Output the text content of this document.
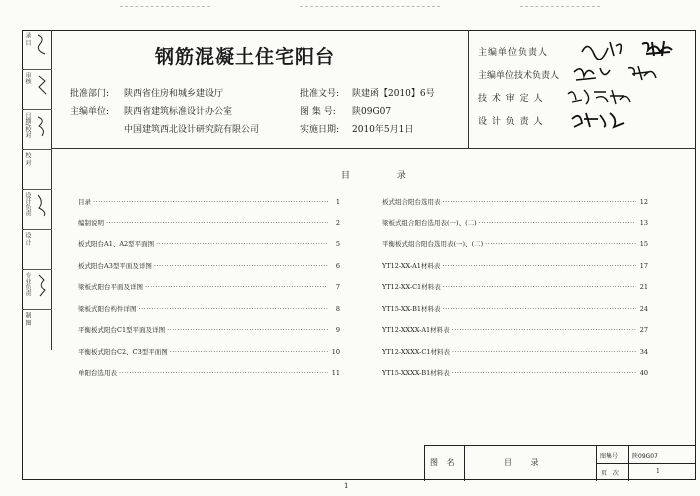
录 目
审核
日期/校对
校 对
设计负责
设 计
专业负责
制 图
钢筋混凝土住宅阳台
批准部门: 陕西省住房和城乡建设厅
主编单位: 陕西省建筑标准设计办公室
中国建筑西北设计研究院有限公司
批准文号: 陕建函【2010】6号
图 集 号: 陕09G07
实施日期: 2010年5月1日
主编单位负责人
主编单位技术负责人
技 术 审 定 人
设 计 负 责 人
目 录
目录 ·····	1
编制说明 ·····	2
板式阳台A1、A2型平面图 ·····	5
板式阳台A3型平面及详图 ·····	6
梁板式阳台平面及详图 ·····	7
梁板式阳台构件详图 ·····	8
平衡板式阳台C1型平面及详图 ·····	9
平衡板式阳台C2、C3型平面图 ·····	10
单阳台选用表 ·····	11
板式组合阳台选用表 ·····	12
梁板式组合阳台选用表(一)、(二) ·····	13
平衡板式组合阳台选用表(一)、(二) ·····	15
YT12-XX-A1材料表 ·····	17
YT12-XX-C1材料表 ·····	21
YT15-XX-B1材料表 ·····	24
YT12-XXXX-A1材料表 ·····	27
YT12-XXXX-C1材料表 ·····	34
YT15-XXXX-B1材料表 ·····	40
图 名	目 录
图集号 陕09G07
页 次	1
1
